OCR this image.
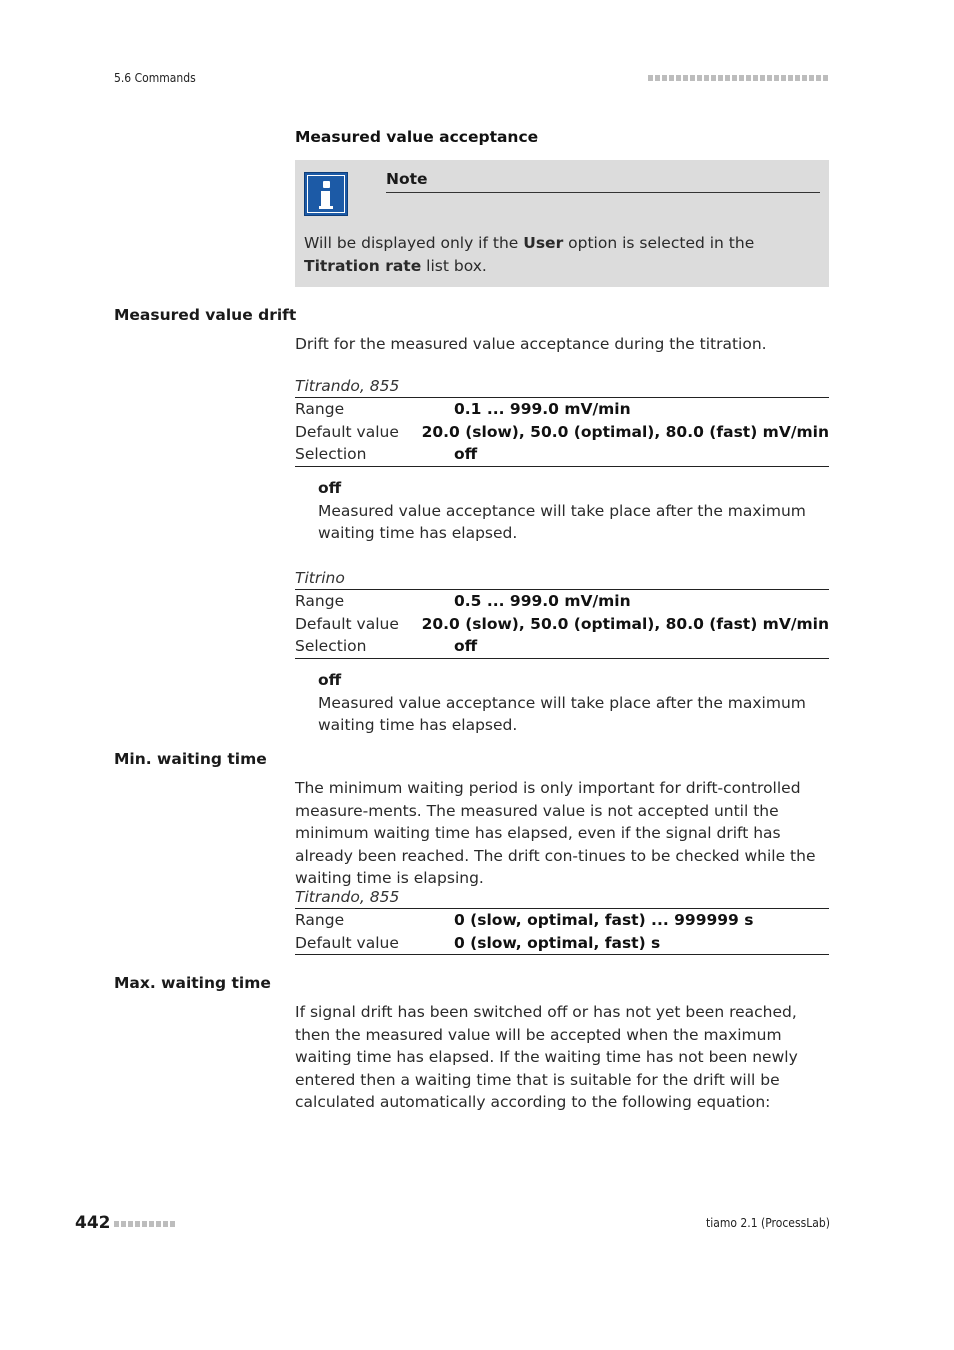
5.6 Commands
Measured value acceptance
Note
Will be displayed only if the User option is selected in the Titration rate list box.
Measured value drift
Drift for the measured value acceptance during the titration.
Titrando, 855
Range	0.1 ... 999.0 mV/min
Default value	20.0 (slow), 50.0 (optimal), 80.0 (fast) mV/min
Selection	off
off
Measured value acceptance will take place after the maximum waiting time has elapsed.
Titrino
Range	0.5 ... 999.0 mV/min
Default value	20.0 (slow), 50.0 (optimal), 80.0 (fast) mV/min
Selection	off
off
Measured value acceptance will take place after the maximum waiting time has elapsed.
Min. waiting time
The minimum waiting period is only important for drift-controlled measure-ments. The measured value is not accepted until the minimum waiting time has elapsed, even if the signal drift has already been reached. The drift con-tinues to be checked while the waiting time is elapsing.
Titrando, 855
Range	0 (slow, optimal, fast) ... 999999 s
Default value	0 (slow, optimal, fast) s
Max. waiting time
If signal drift has been switched off or has not yet been reached, then the measured value will be accepted when the maximum waiting time has elapsed. If the waiting time has not been newly entered then a waiting time that is suitable for the drift will be calculated automatically according to the following equation:
442	tiamo 2.1 (ProcessLab)
